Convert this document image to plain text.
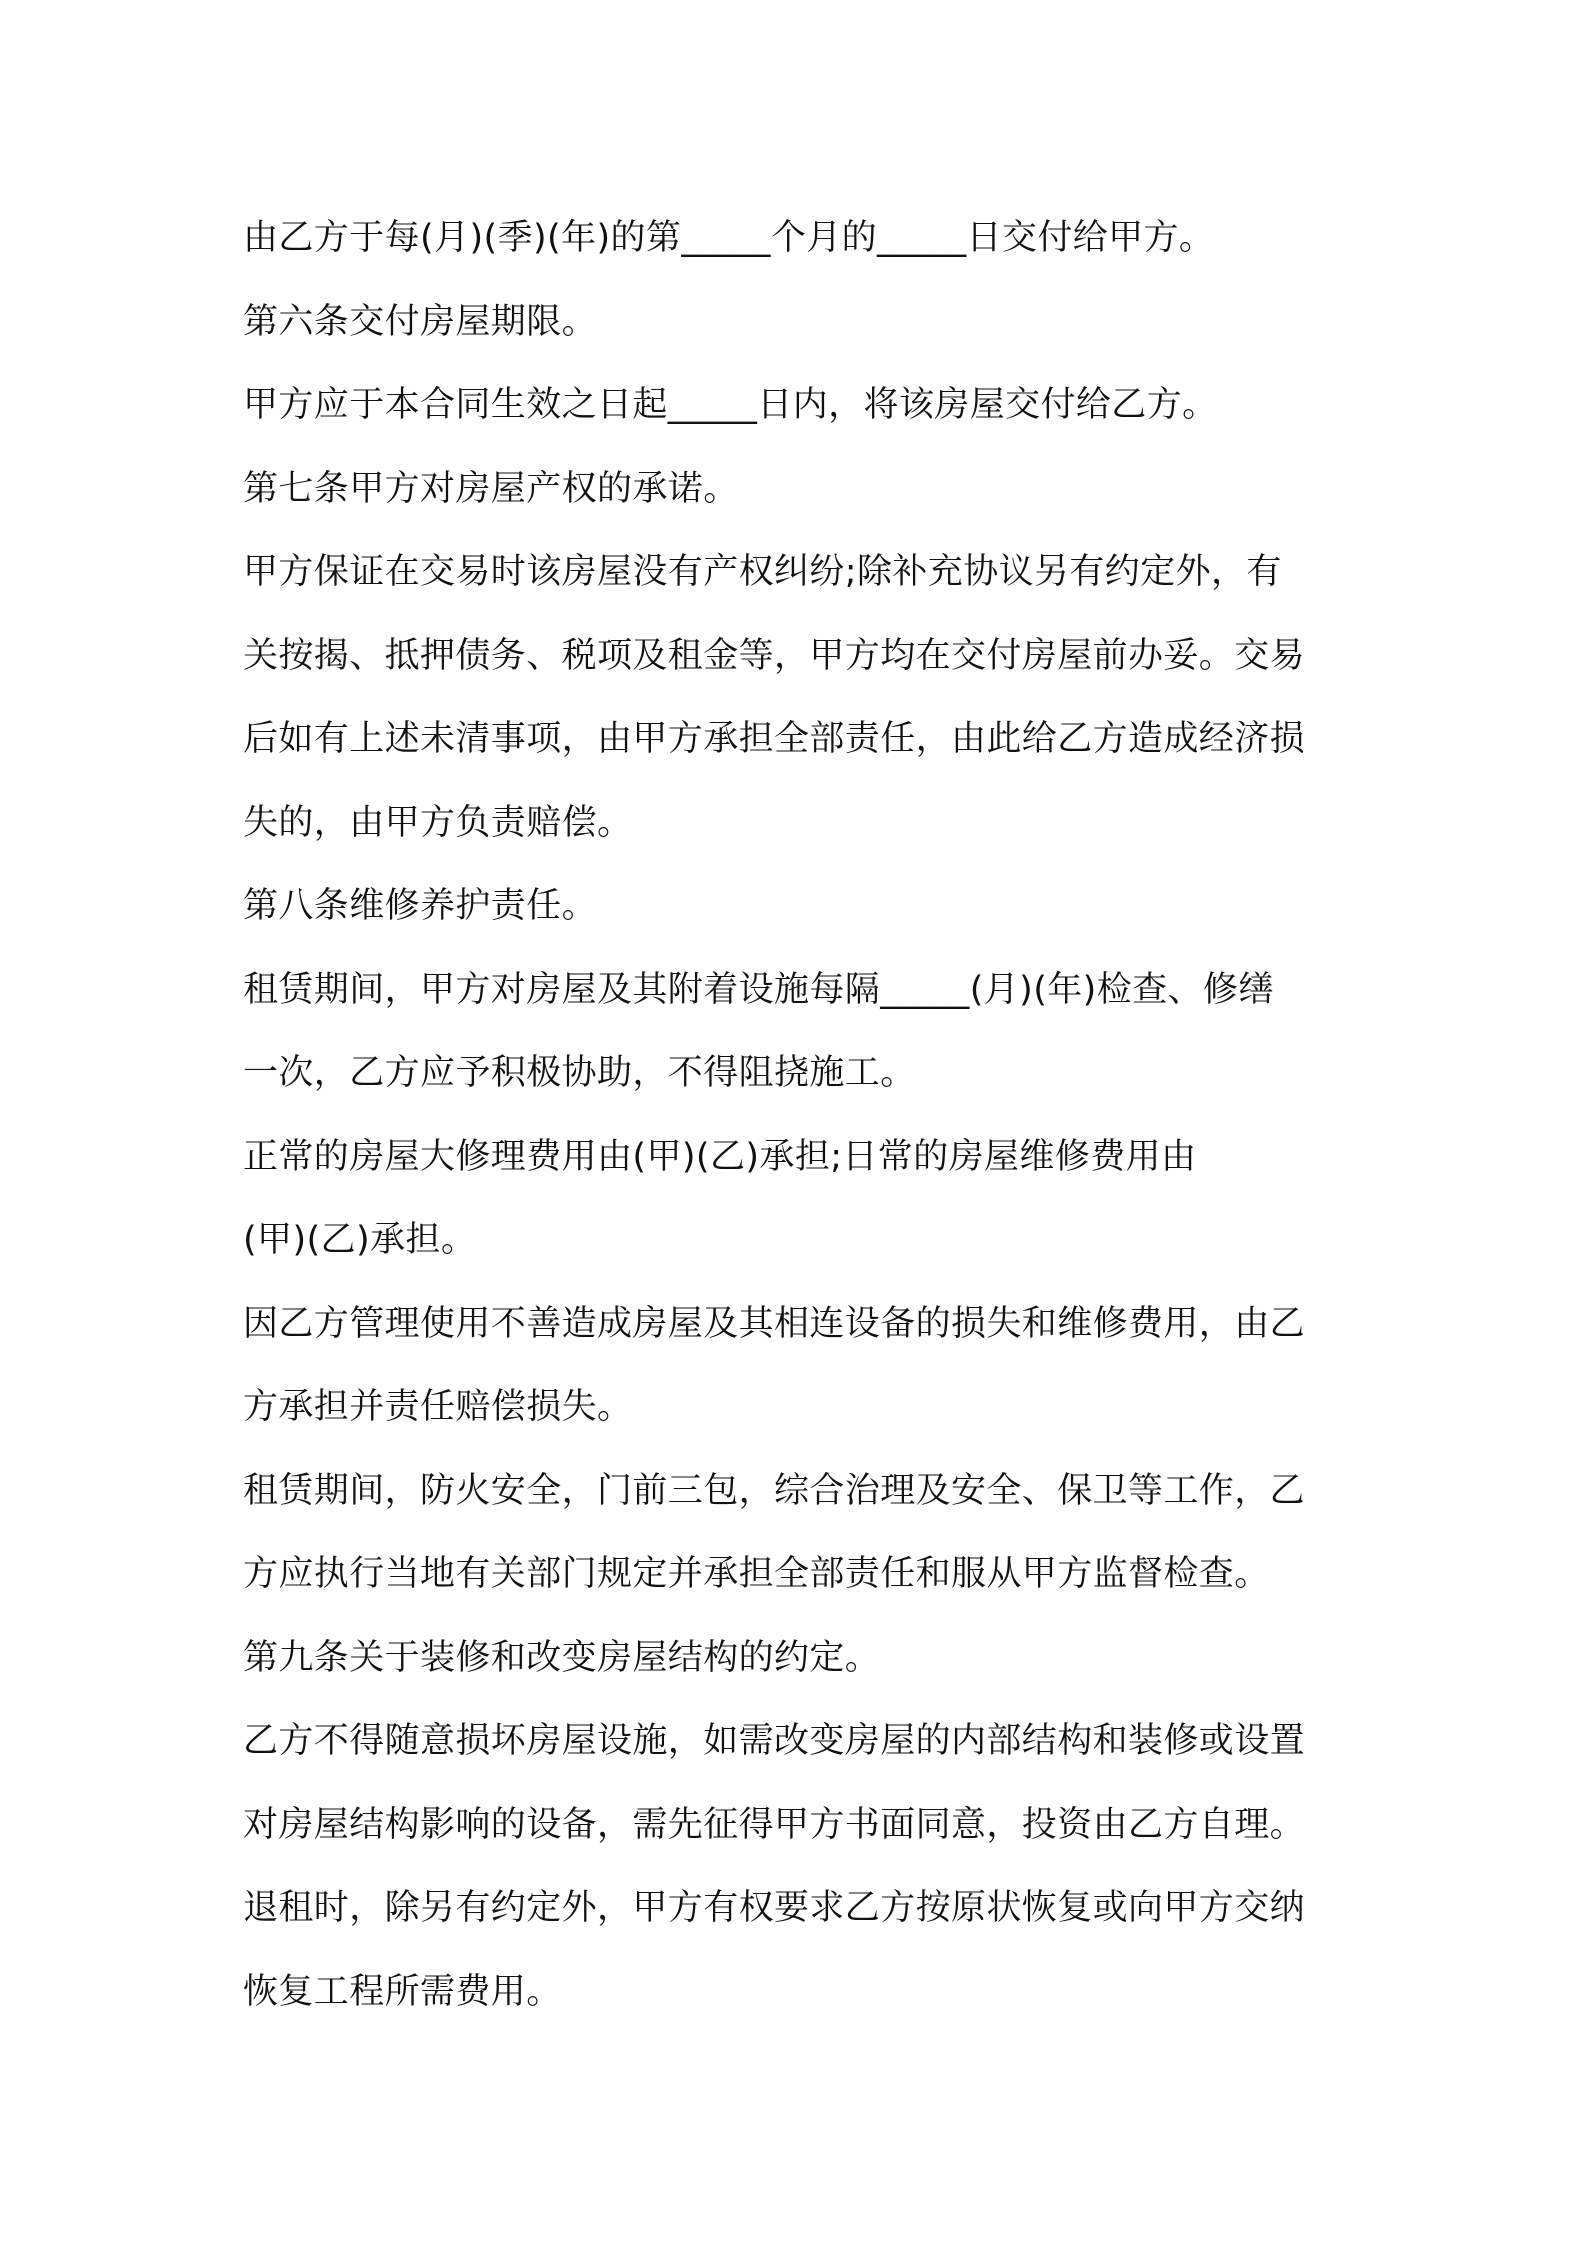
由乙方于每(月)(季)(年)的第_____个月的_____日交付给甲方。

第六条交付房屋期限。

甲方应于本合同生效之日起_____日内，将该房屋交付给乙方。

第七条甲方对房屋产权的承诺。

甲方保证在交易时该房屋没有产权纠纷;除补充协议另有约定外，有

关按揭、抵押债务、税项及租金等，甲方均在交付房屋前办妥。交易

后如有上述未清事项，由甲方承担全部责任，由此给乙方造成经济损

失的，由甲方负责赔偿。

第八条维修养护责任。

租赁期间，甲方对房屋及其附着设施每隔_____(月)(年)检查、修缮

一次，乙方应予积极协助，不得阻挠施工。

正常的房屋大修理费用由(甲)(乙)承担;日常的房屋维修费用由

(甲)(乙)承担。

因乙方管理使用不善造成房屋及其相连设备的损失和维修费用，由乙

方承担并责任赔偿损失。

租赁期间，防火安全，门前三包，综合治理及安全、保卫等工作，乙

方应执行当地有关部门规定并承担全部责任和服从甲方监督检查。

第九条关于装修和改变房屋结构的约定。

乙方不得随意损坏房屋设施，如需改变房屋的内部结构和装修或设置

对房屋结构影响的设备，需先征得甲方书面同意，投资由乙方自理。

退租时，除另有约定外，甲方有权要求乙方按原状恢复或向甲方交纳

恢复工程所需费用。
